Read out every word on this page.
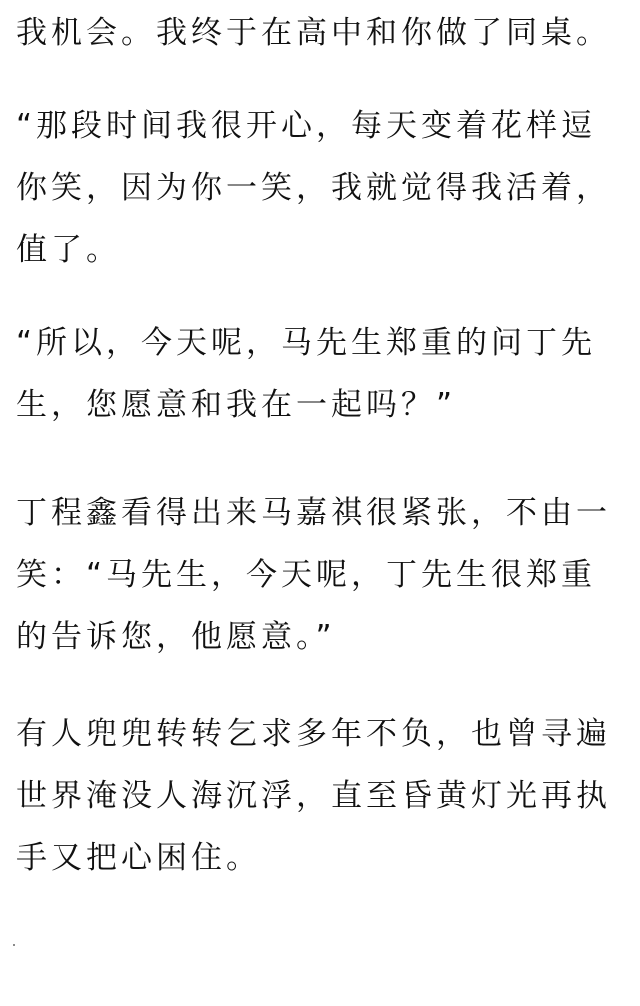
我机会。我终于在高中和你做了同桌。
“那段时间我很开心，每天变着花样逗
你笑，因为你一笑，我就觉得我活着，
值了。
“所以，今天呢，马先生郑重的问丁先
生，您愿意和我在一起吗？”
丁程鑫看得出来马嘉祺很紧张，不由一
笑：“马先生，今天呢，丁先生很郑重
的告诉您，他愿意。”
有人兜兜转转乞求多年不负，也曾寻遍
世界淹没人海沉浮，直至昏黄灯光再执
手又把心困住。
